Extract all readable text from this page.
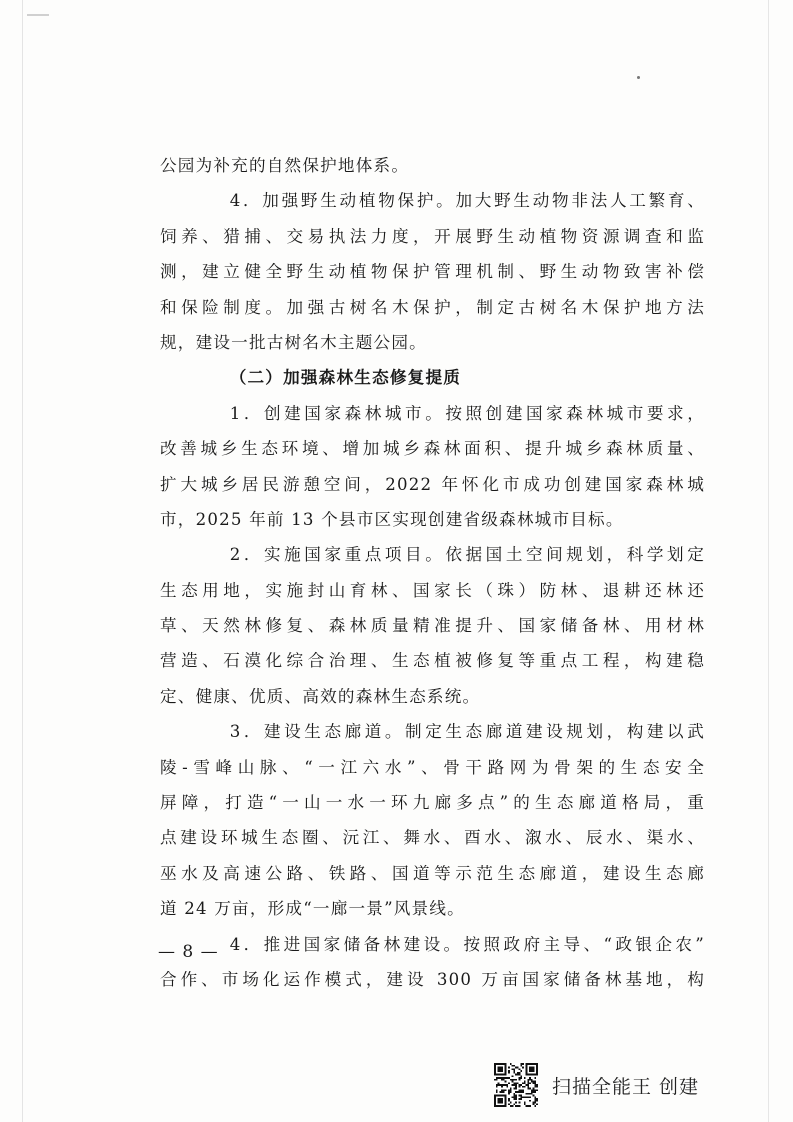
公园为补充的自然保护地体系。
4．加强野生动植物保护。加大野生动物非法人工繁育、
饲养、猎捕、交易执法力度，开展野生动植物资源调查和监
测，建立健全野生动植物保护管理机制、野生动物致害补偿
和保险制度。加强古树名木保护，制定古树名木保护地方法
规，建设一批古树名木主题公园。
（二）加强森林生态修复提质
1．创建国家森林城市。按照创建国家森林城市要求，
改善城乡生态环境、增加城乡森林面积、提升城乡森林质量、
扩大城乡居民游憩空间，2022 年怀化市成功创建国家森林城
市，2025 年前 13 个县市区实现创建省级森林城市目标。
2．实施国家重点项目。依据国土空间规划，科学划定
生态用地，实施封山育林、国家长（珠）防林、退耕还林还
草、天然林修复、森林质量精准提升、国家储备林、用材林
营造、石漠化综合治理、生态植被修复等重点工程，构建稳
定、健康、优质、高效的森林生态系统。
3．建设生态廊道。制定生态廊道建设规划，构建以武
陵-雪峰山脉、“一江六水”、骨干路网为骨架的生态安全
屏障，打造“一山一水一环九廊多点”的生态廊道格局，重
点建设环城生态圈、沅江、舞水、酉水、溆水、辰水、渠水、
巫水及高速公路、铁路、国道等示范生态廊道，建设生态廊
道 24 万亩，形成“一廊一景”风景线。
4．推进国家储备林建设。按照政府主导、“政银企农”
合作、市场化运作模式，建设 300 万亩国家储备林基地，构
— 8 —
扫描全能王 创建
